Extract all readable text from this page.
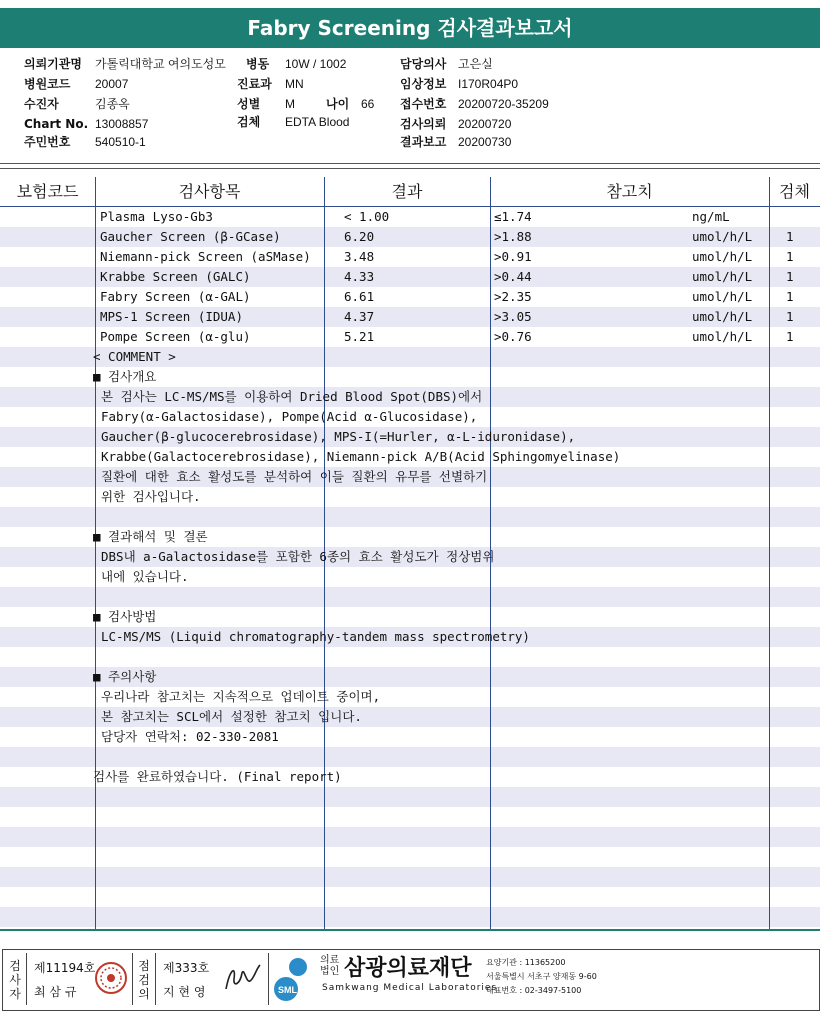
Fabry Screening 검사결과보고서
의뢰기관명 가톨릭대학교 여의도성모
병원코드 20007
수진자	김종옥
Chart No. 13008857
주민번호 540510-1
병동 10W / 1002
진료과 MN
성별 M	나이 66
검체 EDTA Blood
담당의사 고은실
임상정보 I170R04P0
접수번호 20200720-35209
검사의뢰 20200720
결과보고 20200730
보험코드	검사항목	결과	참고치	검체
Plasma Lyso-Gb3	< 1.00	≤1.74	ng/mL
Gaucher Screen (β-GCase)	6.20	>1.88	umol/h/L	1
Niemann-pick Screen (aSMase)	3.48	>0.91	umol/h/L	1
Krabbe Screen (GALC)	4.33	>0.44	umol/h/L	1
Fabry Screen (α-GAL)	6.61	>2.35	umol/h/L	1
MPS-1 Screen (IDUA)	4.37	>3.05	umol/h/L	1
Pompe Screen (α-glu)	5.21	>0.76	umol/h/L	1
< COMMENT >
■ 검사개요
본 검사는 LC-MS/MS를 이용하여 Dried Blood Spot(DBS)에서
Fabry(α-Galactosidase), Pompe(Acid α-Glucosidase),
Gaucher(β-glucocerebrosidase), MPS-I(=Hurler, α-L-iduronidase),
Krabbe(Galactocerebrosidase), Niemann-pick A/B(Acid Sphingomyelinase)
질환에 대한 효소 활성도를 분석하여 이들 질환의 유무를 선별하기
위한 검사입니다.
■ 결과해석 및 결론
DBS내 a-Galactosidase를 포함한 6종의 효소 활성도가 정상범위
내에 있습니다.
■ 검사방법
LC-MS/MS (Liquid chromatography-tandem mass spectrometry)
■ 주의사항
우리나라 참고치는 지속적으로 업데이트 중이며,
본 참고치는 SCL에서 설정한 참고치 입니다.
담당자 연락처: 02-330-2081
검사를 완료하였습니다. (Final report)
검사자
제11194호
최 삼 규
점검의
제333호
지 현 영	SML
의료법인 삼광의료재단
Samkwang Medical Laboratories
요양기관 : 11365200
서울특별시 서초구 양재동 9-60
대표번호 : 02-3497-5100
